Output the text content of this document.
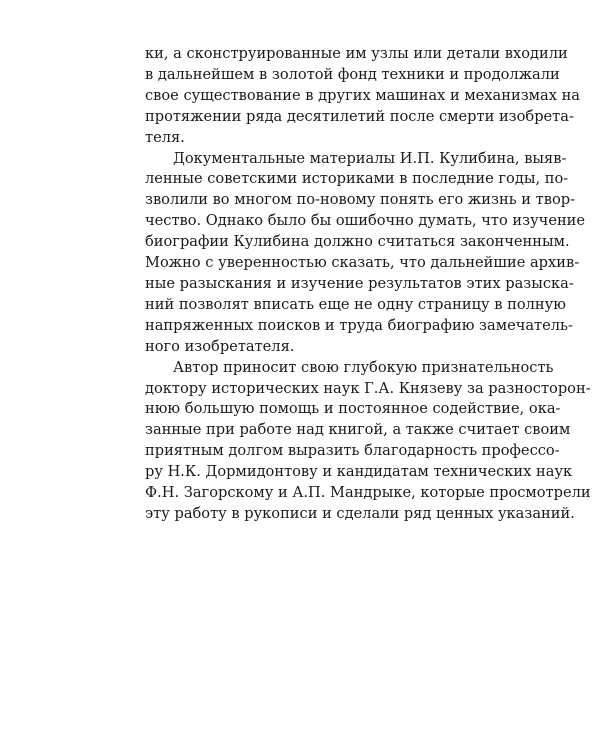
ки, а сконструированные им узлы или детали входили
в дальнейшем в золотой фонд техники и продолжали
свое существование в других машинах и механизмах на
протяжении ряда десятилетий после смерти изобрета-
теля.
Документальные материалы И.П. Кулибина, выяв-
ленные советскими историками в последние годы, по-
зволили во многом по-новому понять его жизнь и твор-
чество. Однако было бы ошибочно думать, что изучение
биографии Кулибина должно считаться законченным.
Можно с уверенностью сказать, что дальнейшие архив-
ные разыскания и изучение результатов этих разыска-
ний позволят вписать еще не одну страницу в полную
напряженных поисков и труда биографию замечатель-
ного изобретателя.
Автор приносит свою глубокую признательность
доктору исторических наук Г.А. Князеву за разносторон-
нюю большую помощь и постоянное содействие, ока-
занные при работе над книгой, а также считает своим
приятным долгом выразить благодарность профессо-
ру Н.К. Дормидонтову и кандидатам технических наук
Ф.Н. Загорскому и А.П. Мандрыке, которые просмотрели
эту работу в рукописи и сделали ряд ценных указаний.
